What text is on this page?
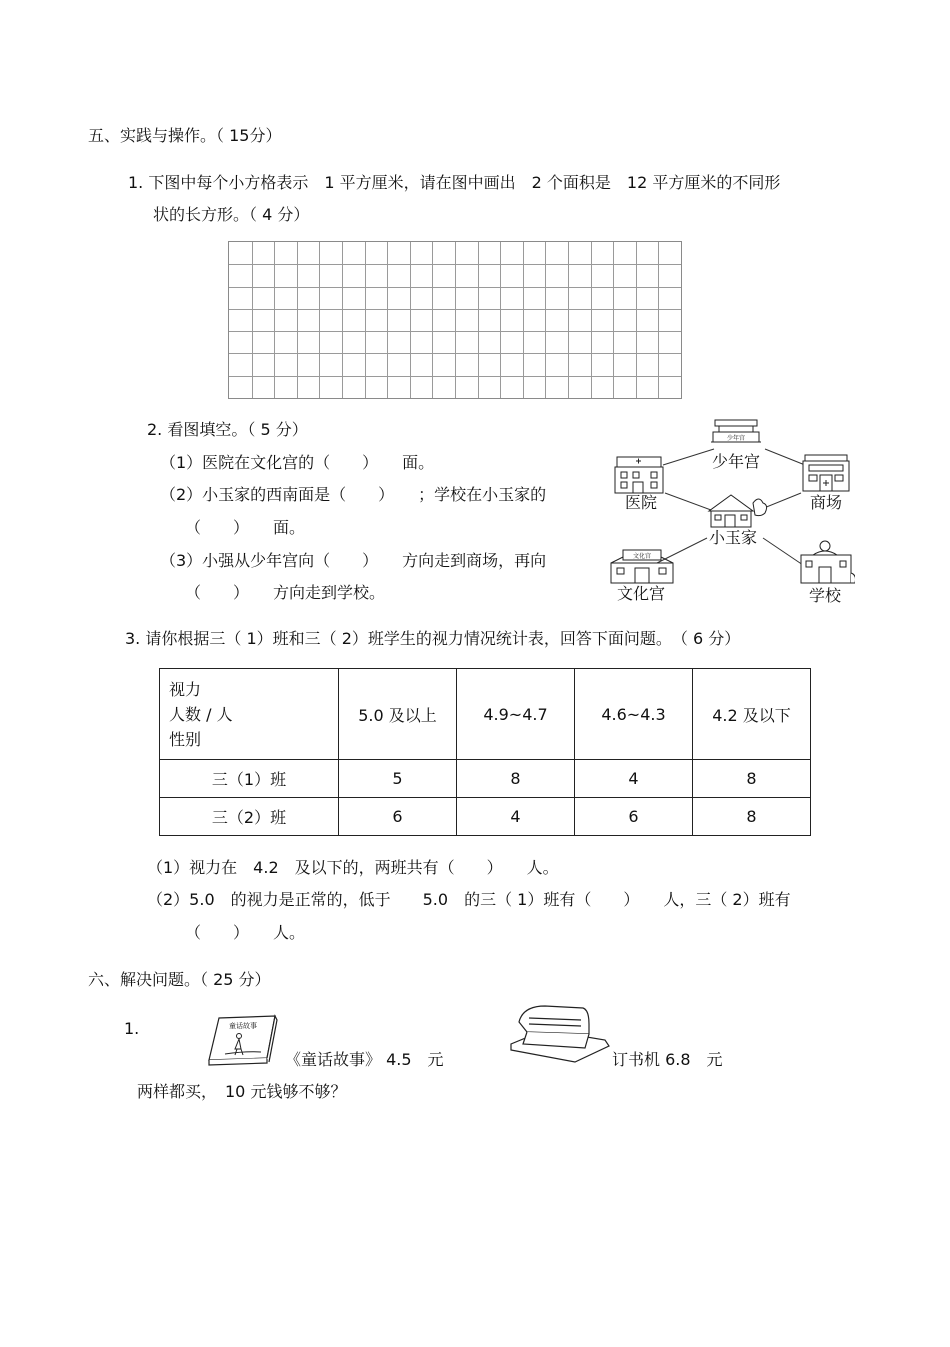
五、实践与操作。（ 15分）
1. 下图中每个小方格表示　1 平方厘米，请在图中画出　2 个面积是　12 平方厘米的不同形
状的长方形。（ 4 分）
2. 看图填空。（ 5 分）
（1）医院在文化宫的（　　）　　面。
（2）小玉家的西南面是（　　）　　；学校在小玉家的
（　　）　　面。
（3）小强从少年宫向（　　）　　方向走到商场，再向
（　　）　　方向走到学校。
少年宫
少年宫
医院	商场
小玉家
文化宫
文化宫	学校
3. 请你根据三（ 1）班和三（ 2）班学生的视力情况统计表，回答下面问题。　（ 6 分）
视力
人数 / 人
性别	5.0 及以上	4.9~4.7	4.6~4.3	4.2 及以下
三（1）班	5	8	4	8
三（2）班	6	4	6	8
（1）视力在　4.2　及以下的，两班共有（　　）　　人。
（2）5.0　的视力是正常的，低于　　5.0　的三（ 1）班有（　　）　　人，三（ 2）班有
（　　）　　人。
六、解决问题。（ 25 分）
1.	童话故事
《童话故事》 4.5　元	订书机 6.8　元
两样都买，　10 元钱够不够？
